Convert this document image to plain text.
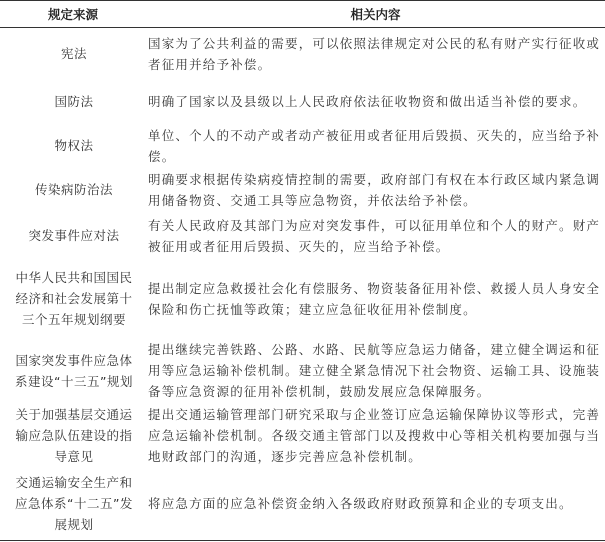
规定来源	相关内容
宪法	国家为了公共利益的需要，可以依照法律规定对公民的私有财产实行征收或者征用并给予补偿。
国防法	明确了国家以及县级以上人民政府依法征收物资和做出适当补偿的要求。
物权法	单位、个人的不动产或者动产被征用或者征用后毁损、灭失的，应当给予补偿。
传染病防治法	明确要求根据传染病疫情控制的需要，政府部门有权在本行政区域内紧急调用储备物资、交通工具等应急物资，并依法给予补偿。
突发事件应对法	有关人民政府及其部门为应对突发事件，可以征用单位和个人的财产。财产被征用或者征用后毁损、灭失的，应当给予补偿。
中华人民共和国国民经济和社会发展第十三个五年规划纲要	提出制定应急救援社会化有偿服务、物资装备征用补偿、救援人员人身安全保险和伤亡抚恤等政策；建立应急征收征用补偿制度。
国家突发事件应急体系建设“十三五”规划	提出继续完善铁路、公路、水路、民航等应急运力储备，建立健全调运和征用等应急运输补偿机制。建立健全紧急情况下社会物资、运输工具、设施装备等应急资源的征用补偿机制，鼓励发展应急保障服务。
关于加强基层交通运输应急队伍建设的指导意见	提出交通运输管理部门研究采取与企业签订应急运输保障协议等形式，完善应急运输补偿机制。各级交通主管部门以及搜救中心等相关机构要加强与当地财政部门的沟通，逐步完善应急补偿机制。
交通运输安全生产和应急体系“十二五”发展规划	将应急方面的应急补偿资金纳入各级政府财政预算和企业的专项支出。
